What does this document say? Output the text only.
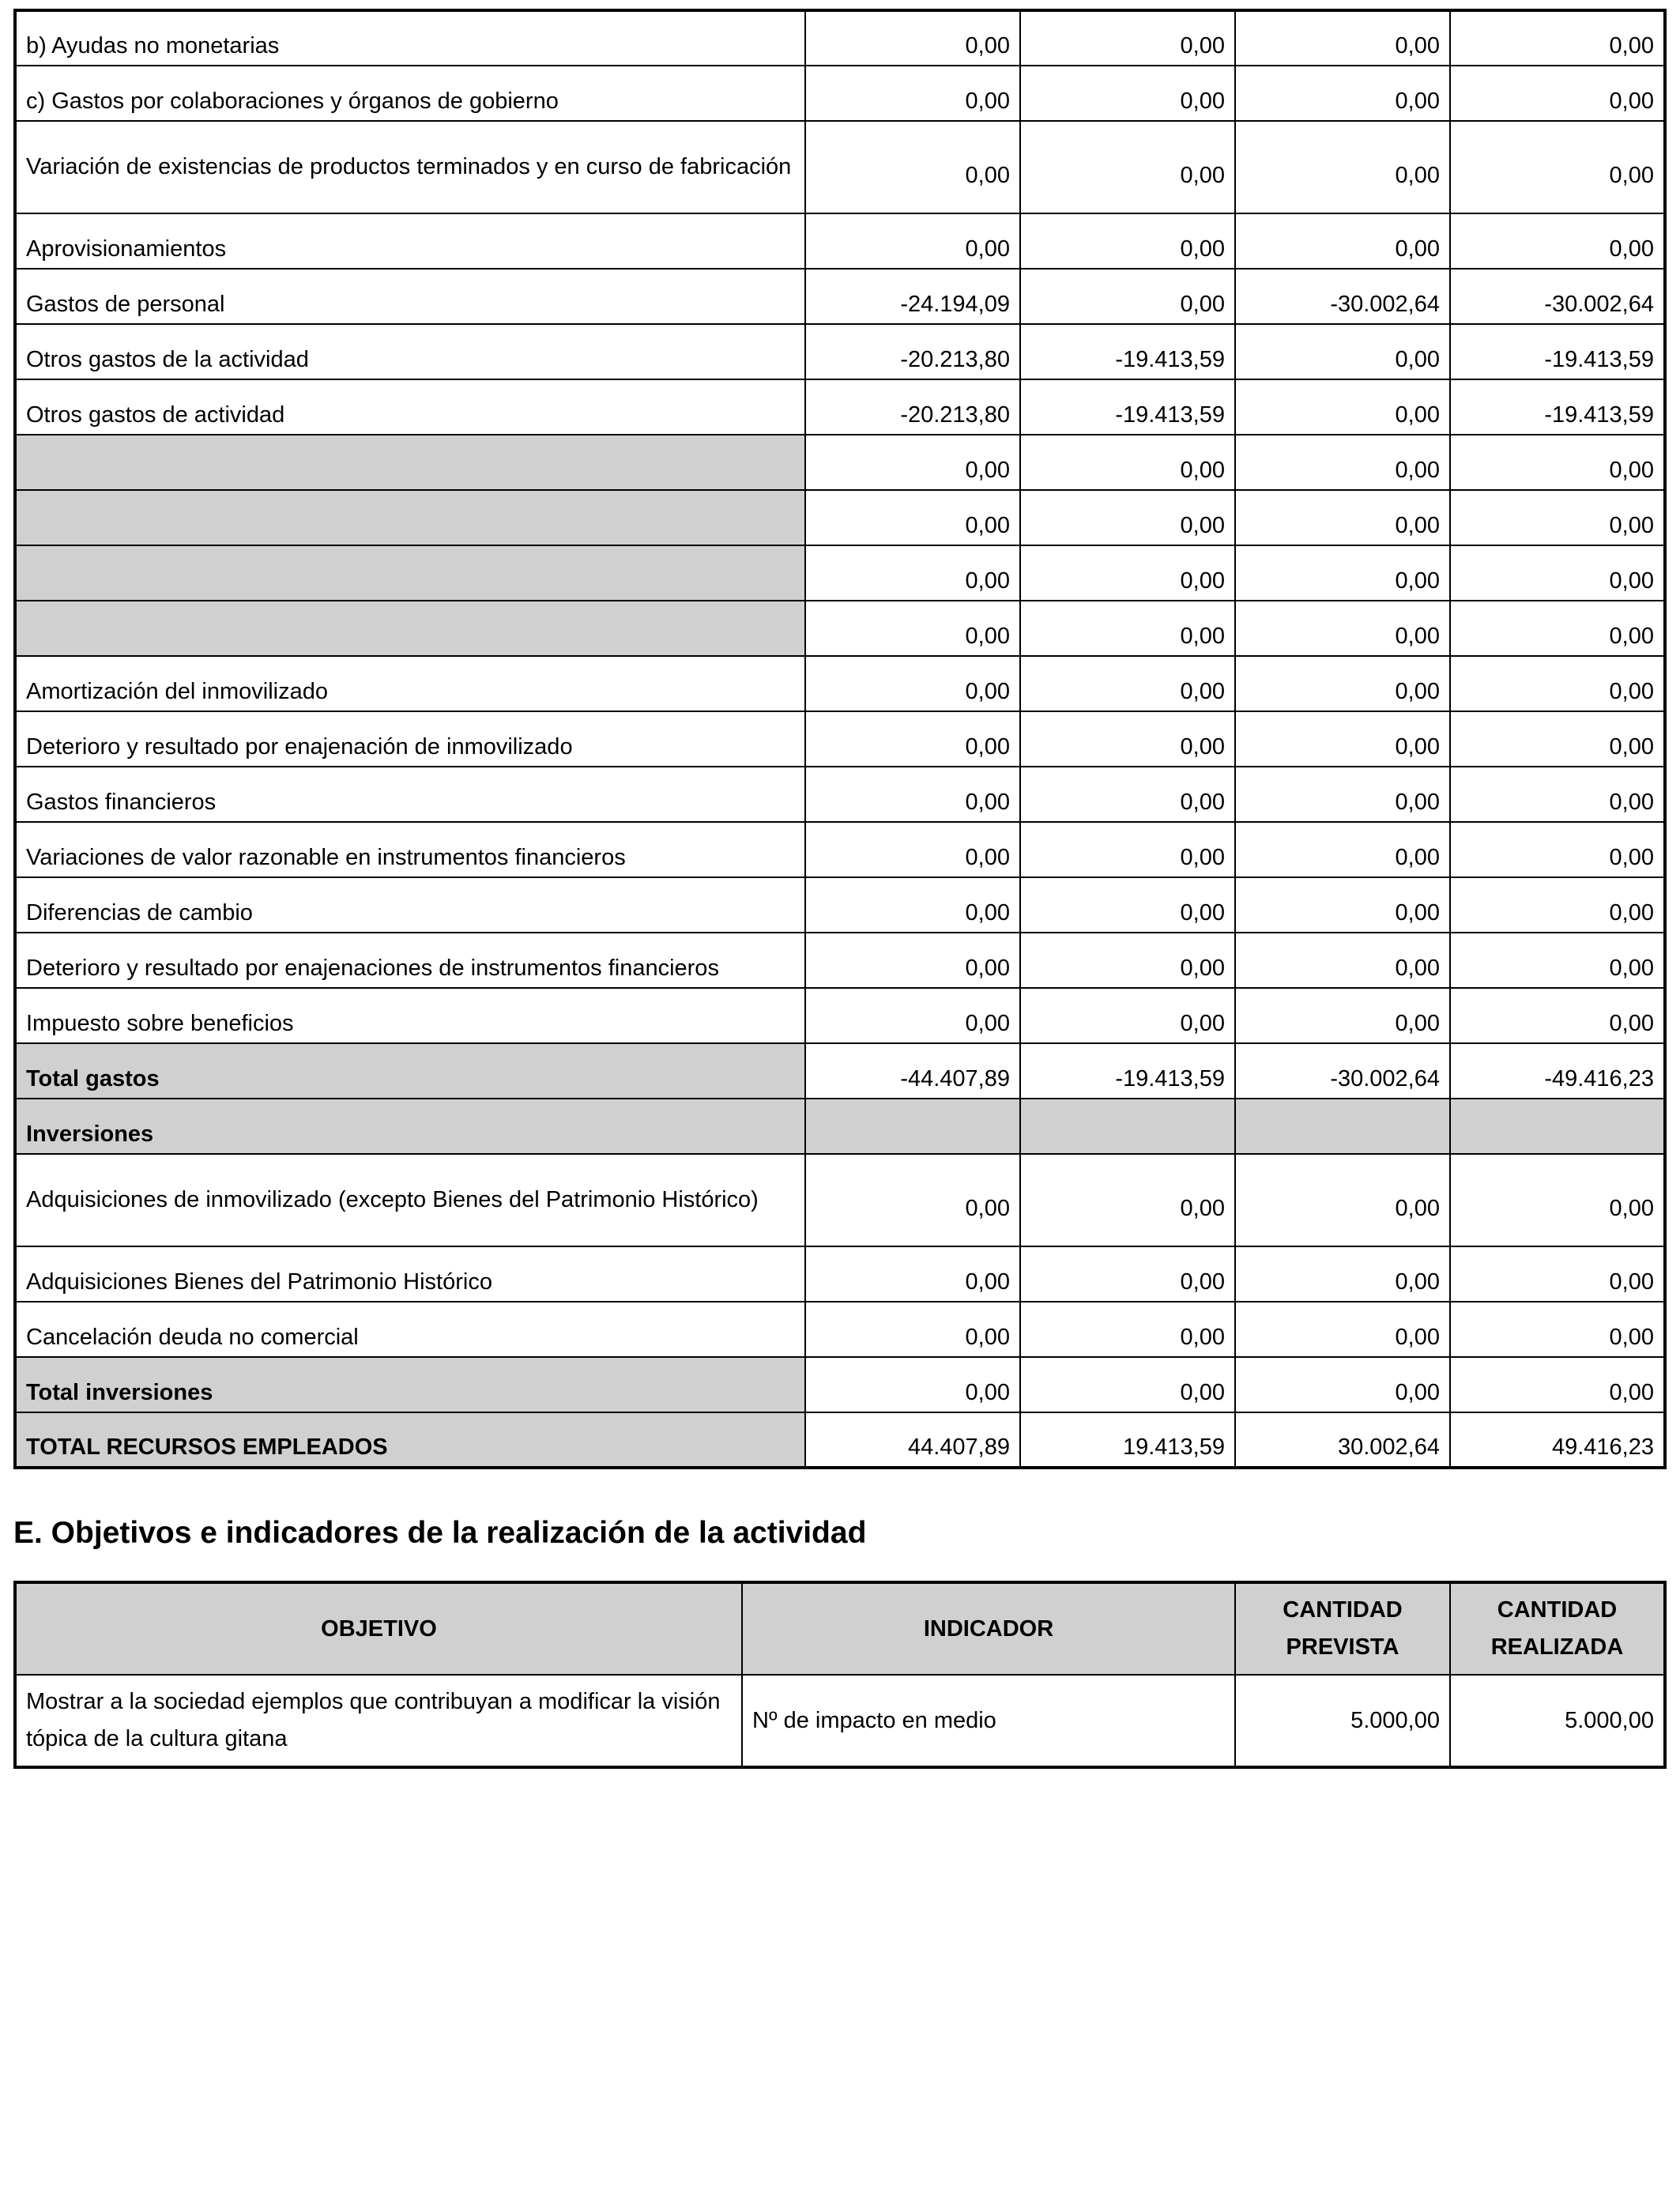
b) Ayudas no monetarias	0,00	0,00	0,00	0,00
c) Gastos por colaboraciones y órganos de gobierno	0,00	0,00	0,00	0,00
Variación de existencias de productos terminados y en curso de fabricación	0,00	0,00	0,00	0,00
Aprovisionamientos	0,00	0,00	0,00	0,00
Gastos de personal	-24.194,09	0,00	-30.002,64	-30.002,64
Otros gastos de la actividad	-20.213,80	-19.413,59	0,00	-19.413,59
Otros gastos de actividad	-20.213,80	-19.413,59	0,00	-19.413,59
	0,00	0,00	0,00	0,00
	0,00	0,00	0,00	0,00
	0,00	0,00	0,00	0,00
	0,00	0,00	0,00	0,00
Amortización del inmovilizado	0,00	0,00	0,00	0,00
Deterioro y resultado por enajenación de inmovilizado	0,00	0,00	0,00	0,00
Gastos financieros	0,00	0,00	0,00	0,00
Variaciones de valor razonable en instrumentos financieros	0,00	0,00	0,00	0,00
Diferencias de cambio	0,00	0,00	0,00	0,00
Deterioro y resultado por enajenaciones de instrumentos financieros	0,00	0,00	0,00	0,00
Impuesto sobre beneficios	0,00	0,00	0,00	0,00
Total gastos	-44.407,89	-19.413,59	-30.002,64	-49.416,23
Inversiones				
Adquisiciones de inmovilizado (excepto Bienes del Patrimonio Histórico)	0,00	0,00	0,00	0,00
Adquisiciones Bienes del Patrimonio Histórico	0,00	0,00	0,00	0,00
Cancelación deuda no comercial	0,00	0,00	0,00	0,00
Total inversiones	0,00	0,00	0,00	0,00
TOTAL RECURSOS EMPLEADOS	44.407,89	19.413,59	30.002,64	49.416,23
E. Objetivos e indicadores de la realización de la actividad
OBJETIVO	INDICADOR	CANTIDAD PREVISTA	CANTIDAD REALIZADA
Mostrar a la sociedad ejemplos que contribuyan a modificar la visión tópica de la cultura gitana	Nº de impacto en medio	5.000,00	5.000,00
